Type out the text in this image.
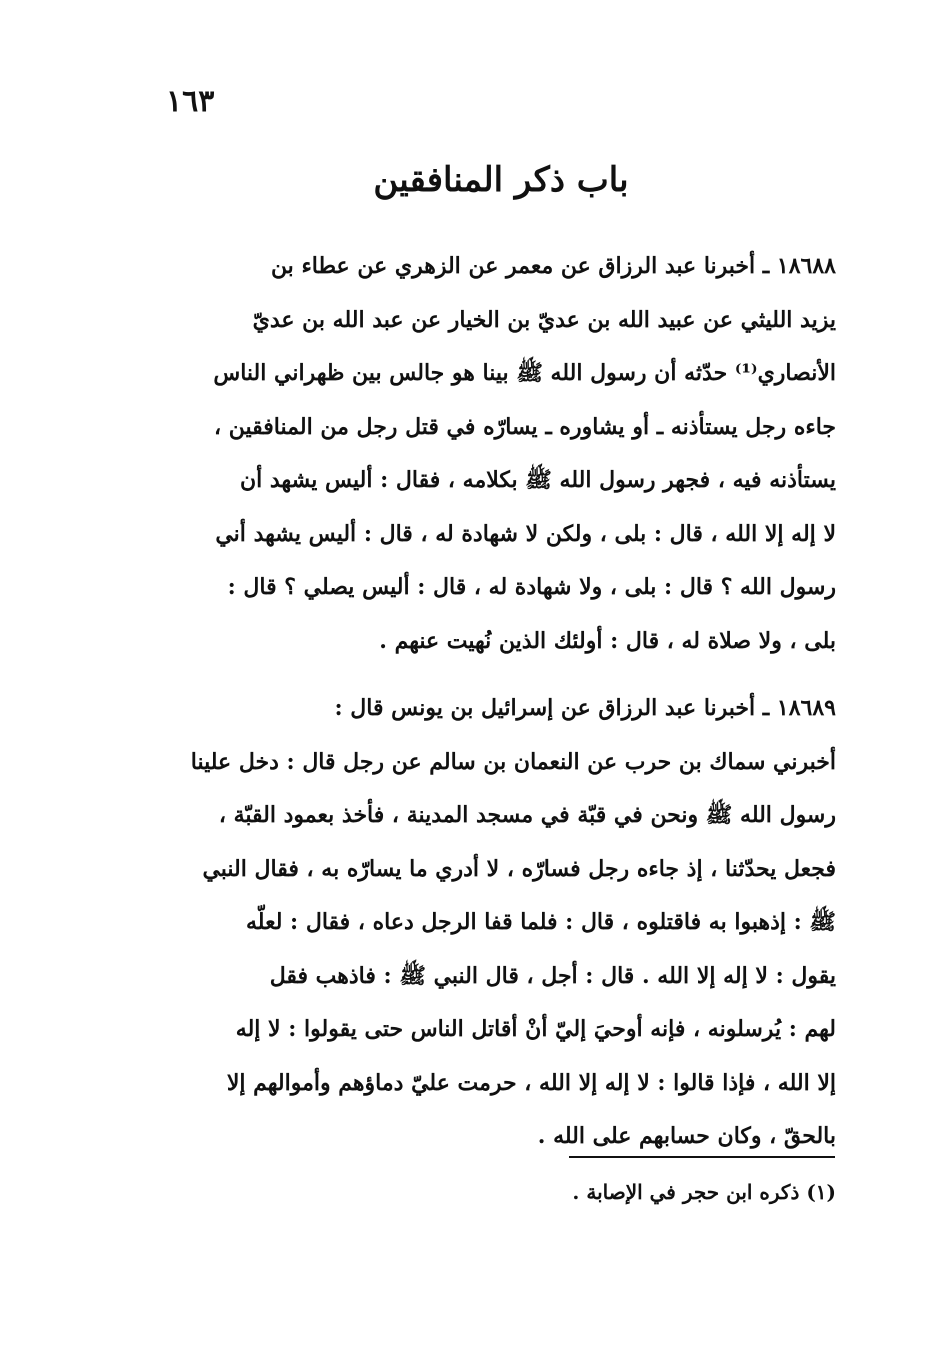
١٦٣
باب ذكر المنافقين

١٨٦٨٨ ـ أخبرنا عبد الرزاق عن معمر عن الزهري عن عطاء بن
يزيد الليثي عن عبيد الله بن عديّ بن الخيار عن عبد الله بن عديّ
الأنصاري⁽¹⁾ حدّثه أن رسول الله ﷺ بينا هو جالس بين ظهراني الناس
جاءه رجل يستأذنه ـ أو يشاوره ـ يسارّه في قتل رجل من المنافقين ،
يستأذنه فيه ، فجهر رسول الله ﷺ بكلامه ، فقال : أليس يشهد أن
لا إله إلا الله ، قال : بلى ، ولكن لا شهادة له ، قال : أليس يشهد أني
رسول الله ؟ قال : بلى ، ولا شهادة له ، قال : أليس يصلي ؟ قال :
بلى ، ولا صلاة له ، قال : أولئك الذين نُهيت عنهم .

١٨٦٨٩ ـ أخبرنا عبد الرزاق عن إسرائيل بن يونس قال :
أخبرني سماك بن حرب عن النعمان بن سالم عن رجل قال : دخل علينا
رسول الله ﷺ ونحن في قبّة في مسجد المدينة ، فأخذ بعمود القبّة ،
فجعل يحدّثنا ، إذ جاءه رجل فسارّه ، لا أدري ما يسارّه به ، فقال النبي
ﷺ : إذهبوا به فاقتلوه ، قال : فلما قفا الرجل دعاه ، فقال : لعلّه
يقول : لا إله إلا الله . قال : أجل ، قال النبي ﷺ : فاذهب فقل
لهم : يُرسلونه ، فإنه أوحيَ إليّ أنْ أقاتل الناس حتى يقولوا : لا إله
إلا الله ، فإذا قالوا : لا إله إلا الله ، حرمت عليّ دماؤهم وأموالهم إلا
بالحقّ ، وكان حسابهم على الله .

(١) ذكره ابن حجر في الإصابة .
